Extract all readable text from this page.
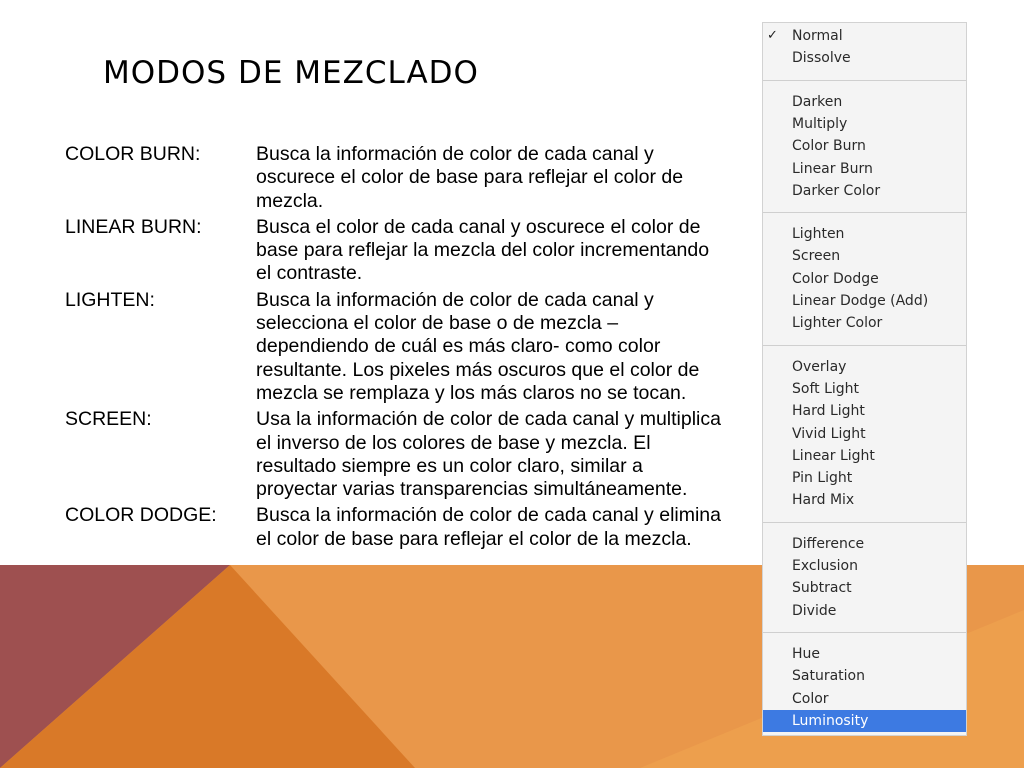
MODOS DE MEZCLADO
COLOR BURN:	Busca la información de color de cada canal y oscurece el color de base para reflejar el color de mezcla.
LINEAR BURN:	Busca el color de cada canal y oscurece el color de base para reflejar la mezcla del color incrementando el contraste.
LIGHTEN:	Busca la información de color de cada canal y selecciona el color de base o de mezcla – dependiendo de cuál es más claro- como color resultante. Los pixeles más oscuros que el color de mezcla se remplaza y los más claros no se tocan.
SCREEN:	Usa la información de color de cada canal y multiplica el inverso de los colores de base y mezcla. El resultado siempre es un color claro, similar a proyectar varias transparencias simultáneamente.
COLOR DODGE:	Busca la información de color de cada canal y elimina el color de base para reflejar el color de la mezcla.
✓ Normal
Dissolve
Darken
Multiply
Color Burn
Linear Burn
Darker Color
Lighten
Screen
Color Dodge
Linear Dodge (Add)
Lighter Color
Overlay
Soft Light
Hard Light
Vivid Light
Linear Light
Pin Light
Hard Mix
Difference
Exclusion
Subtract
Divide
Hue
Saturation
Color
Luminosity
